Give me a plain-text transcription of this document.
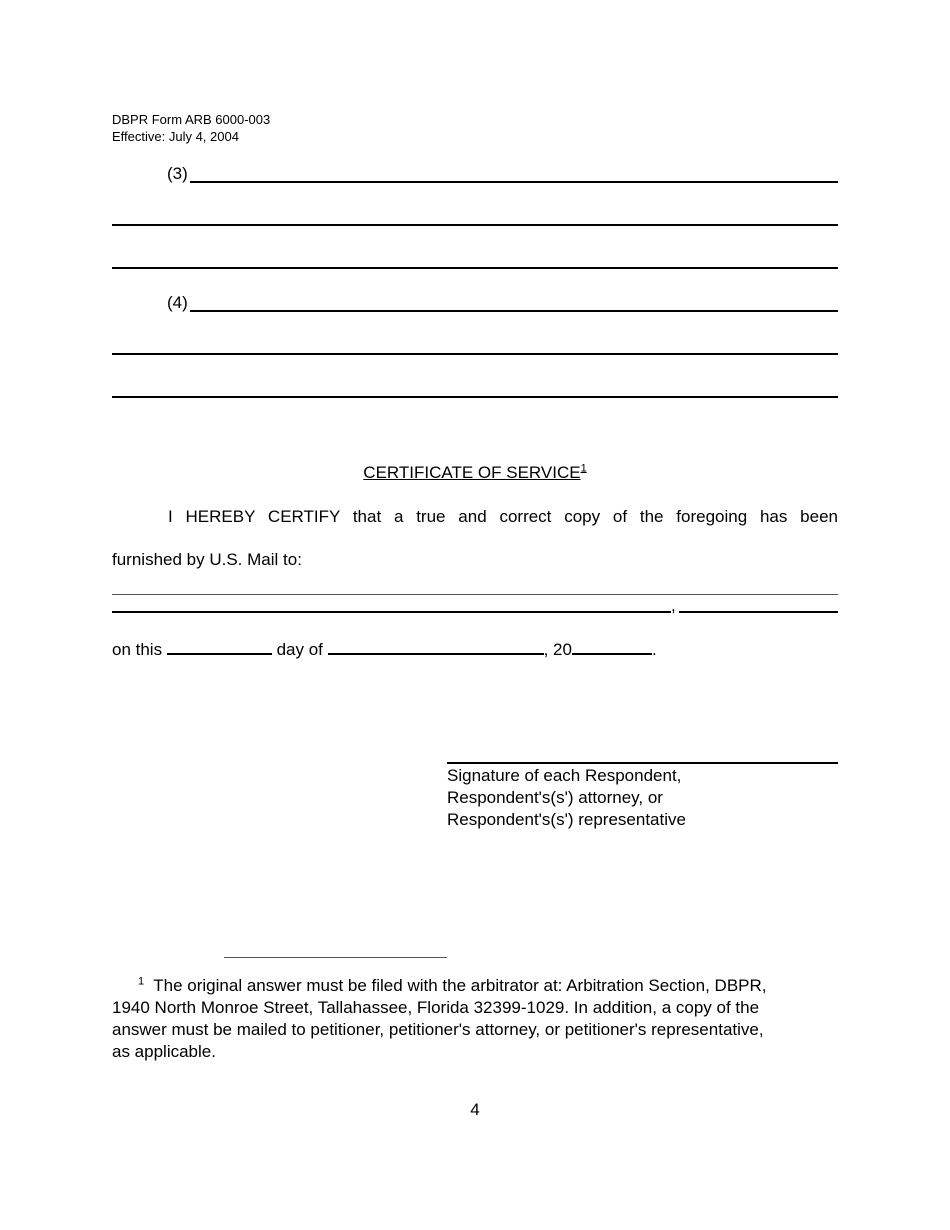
DBPR Form ARB 6000-003
Effective: July 4, 2004
(3)
(4)
CERTIFICATE OF SERVICE$^1$
I HEREBY CERTIFY that a true and correct copy of the foregoing has been
furnished by U.S. Mail to:
,
on this	day of	, 20	.
Signature of each Respondent,
Respondent's(s') attorney, or
Respondent's(s') representative
$^1$ The original answer must be filed with the arbitrator at: Arbitration Section, DBPR,
1940 North Monroe Street, Tallahassee, Florida 32399-1029. In addition, a copy of the
answer must be mailed to petitioner, petitioner's attorney, or petitioner's representative,
as applicable.
4
